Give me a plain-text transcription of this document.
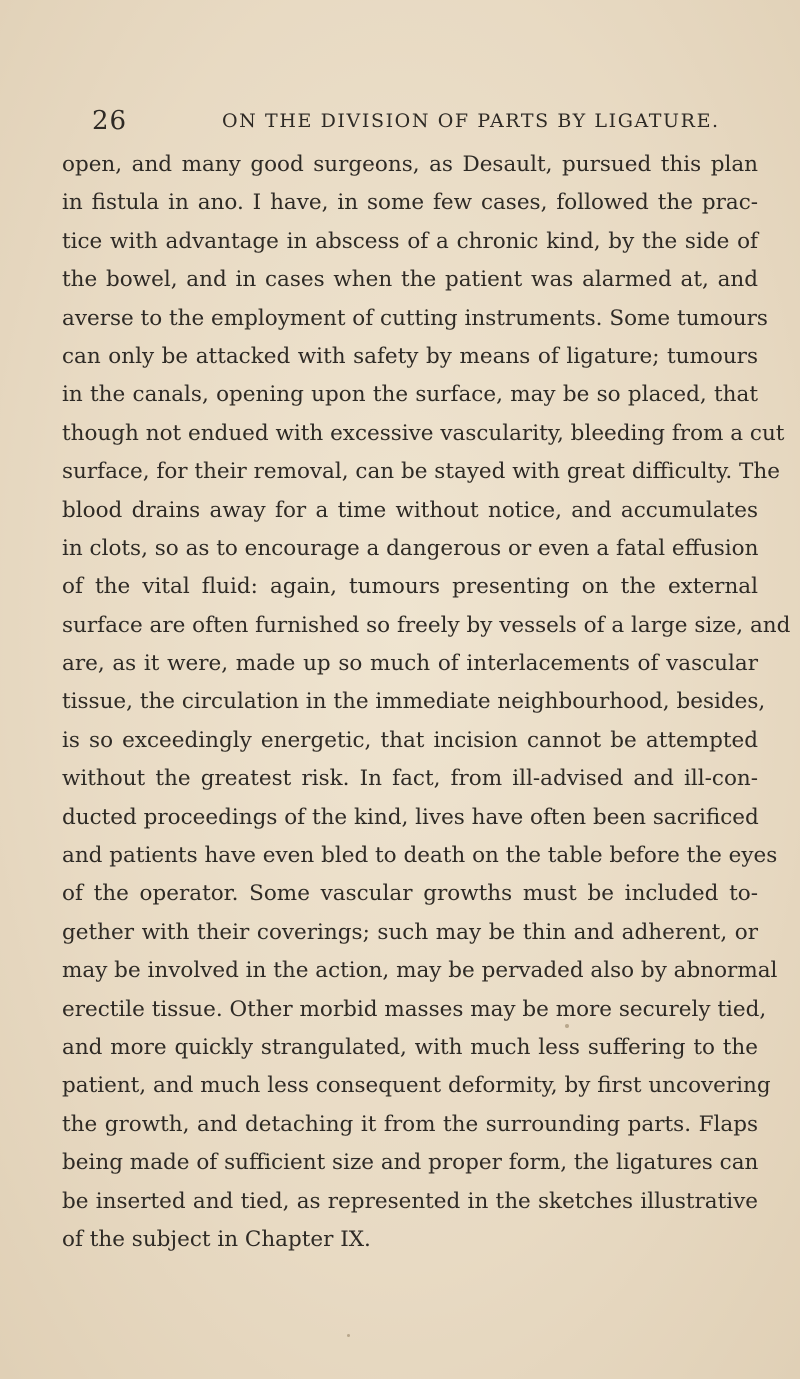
26	ON THE DIVISION OF PARTS BY LIGATURE.
open, and many good surgeons, as Desault, pursued this plan
in fistula in ano. I have, in some few cases, followed the prac-
tice with advantage in abscess of a chronic kind, by the side of
the bowel, and in cases when the patient was alarmed at, and
averse to the employment of cutting instruments. Some tumours
can only be attacked with safety by means of ligature; tumours
in the canals, opening upon the surface, may be so placed, that
though not endued with excessive vascularity, bleeding from a cut
surface, for their removal, can be stayed with great difficulty. The
blood drains away for a time without notice, and accumulates
in clots, so as to encourage a dangerous or even a fatal effusion
of the vital fluid: again, tumours presenting on the external
surface are often furnished so freely by vessels of a large size, and
are, as it were, made up so much of interlacements of vascular
tissue, the circulation in the immediate neighbourhood, besides,
is so exceedingly energetic, that incision cannot be attempted
without the greatest risk. In fact, from ill-advised and ill-con-
ducted proceedings of the kind, lives have often been sacrificed
and patients have even bled to death on the table before the eyes
of the operator. Some vascular growths must be included to-
gether with their coverings; such may be thin and adherent, or
may be involved in the action, may be pervaded also by abnormal
erectile tissue. Other morbid masses may be more securely tied,
and more quickly strangulated, with much less suffering to the
patient, and much less consequent deformity, by first uncovering
the growth, and detaching it from the surrounding parts. Flaps
being made of sufficient size and proper form, the ligatures can
be inserted and tied, as represented in the sketches illustrative
of the subject in Chapter IX.
